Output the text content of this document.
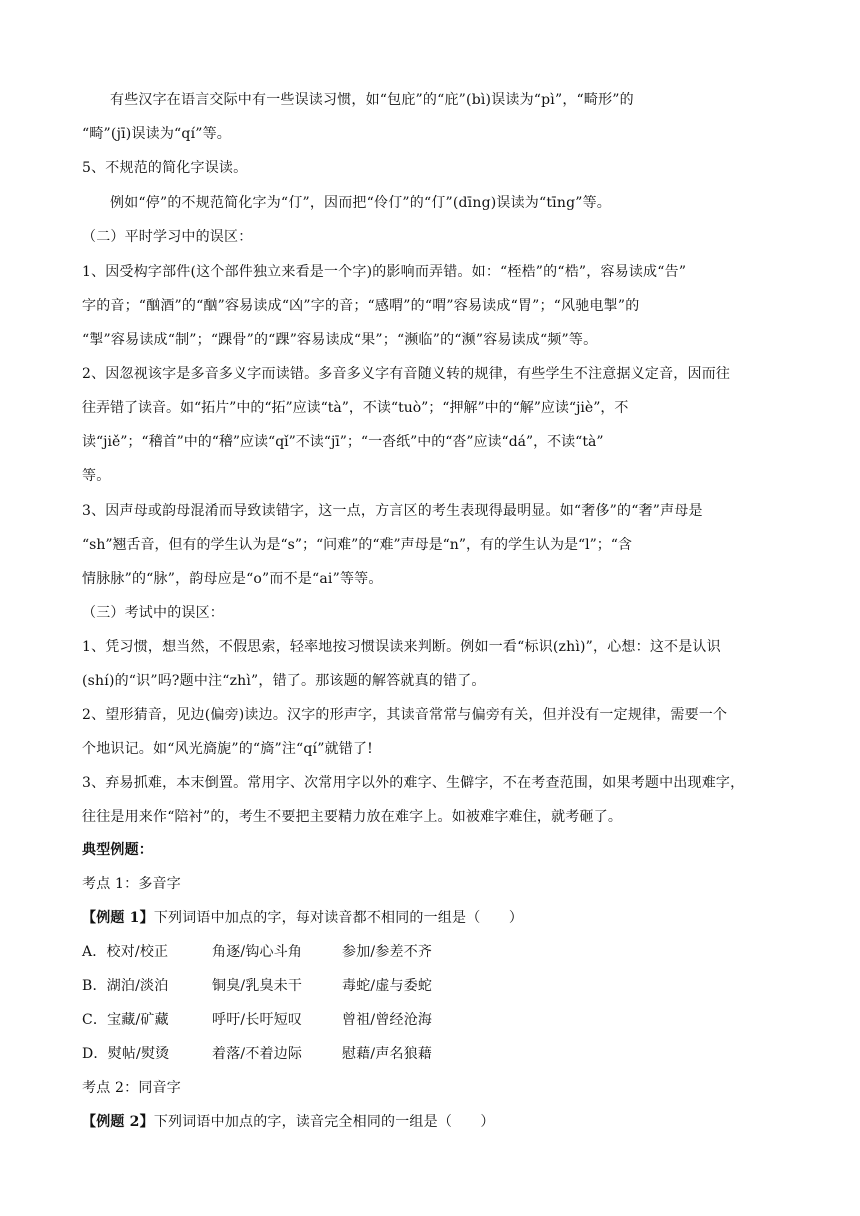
有些汉字在语言交际中有一些误读习惯，如“包庇”的“庇”(bì)误读为“pì”，“畸形”的
“畸”(jī)误读为“qí”等。
5、不规范的简化字误读。
例如“停”的不规范简化字为“仃”，因而把“伶仃”的“仃”(dīng)误读为“tīng”等。
（二）平时学习中的误区：
1、因受构字部件(这个部件独立来看是一个字)的影响而弄错。如：“桎梏”的“梏”，容易读成“告”
字的音；“酗酒”的“酗”容易读成“凶”字的音；“感喟”的“喟”容易读成“胃”；“风驰电掣”的
“掣”容易读成“制”；“踝骨”的“踝”容易读成“果”；“濒临”的“濒”容易读成“频”等。
2、因忽视该字是多音多义字而读错。多音多义字有音随义转的规律，有些学生不注意据义定音，因而往
往弄错了读音。如“拓片”中的“拓”应读“tà”，不读“tuò”；“押解”中的“解”应读“jiè”，不
读“jiě”；“稽首”中的“稽”应读“qǐ”不读“jī”；“一沓纸”中的“沓”应读“dá”，不读“tà”
等。
3、因声母或韵母混淆而导致读错字，这一点，方言区的考生表现得最明显。如“奢侈”的“奢”声母是
“sh”翘舌音，但有的学生认为是“s”；“问难”的“难”声母是“n”，有的学生认为是“l”；“含
情脉脉”的“脉”，韵母应是“o”而不是“ai”等等。
（三）考试中的误区：
1、凭习惯，想当然，不假思索，轻率地按习惯误读来判断。例如一看“标识(zhì)”，心想：这不是认识
(shí)的“识”吗?题中注“zhì”，错了。那该题的解答就真的错了。
2、望形猜音，见边(偏旁)读边。汉字的形声字，其读音常常与偏旁有关，但并没有一定规律，需要一个
个地识记。如“风光旖旎”的“旖”注“qí”就错了!
3、弃易抓难，本末倒置。常用字、次常用字以外的难字、生僻字，不在考查范围，如果考题中出现难字，
往往是用来作“陪衬”的，考生不要把主要精力放在难字上。如被难字难住，就考砸了。
典型例题：
考点 1：多音字
【例题 1】下列词语中加点的字，每对读音都不相同的一组是（　　）
A．校对/校正	角逐/钩心斗角	参加/参差不齐
B．湖泊/淡泊	铜臭/乳臭未干	毒蛇/虚与委蛇
C．宝藏/矿藏	呼吁/长吁短叹	曾祖/曾经沧海
D．熨帖/熨烫	着落/不着边际	慰藉/声名狼藉
考点 2：同音字
【例题 2】下列词语中加点的字，读音完全相同的一组是（　　）
